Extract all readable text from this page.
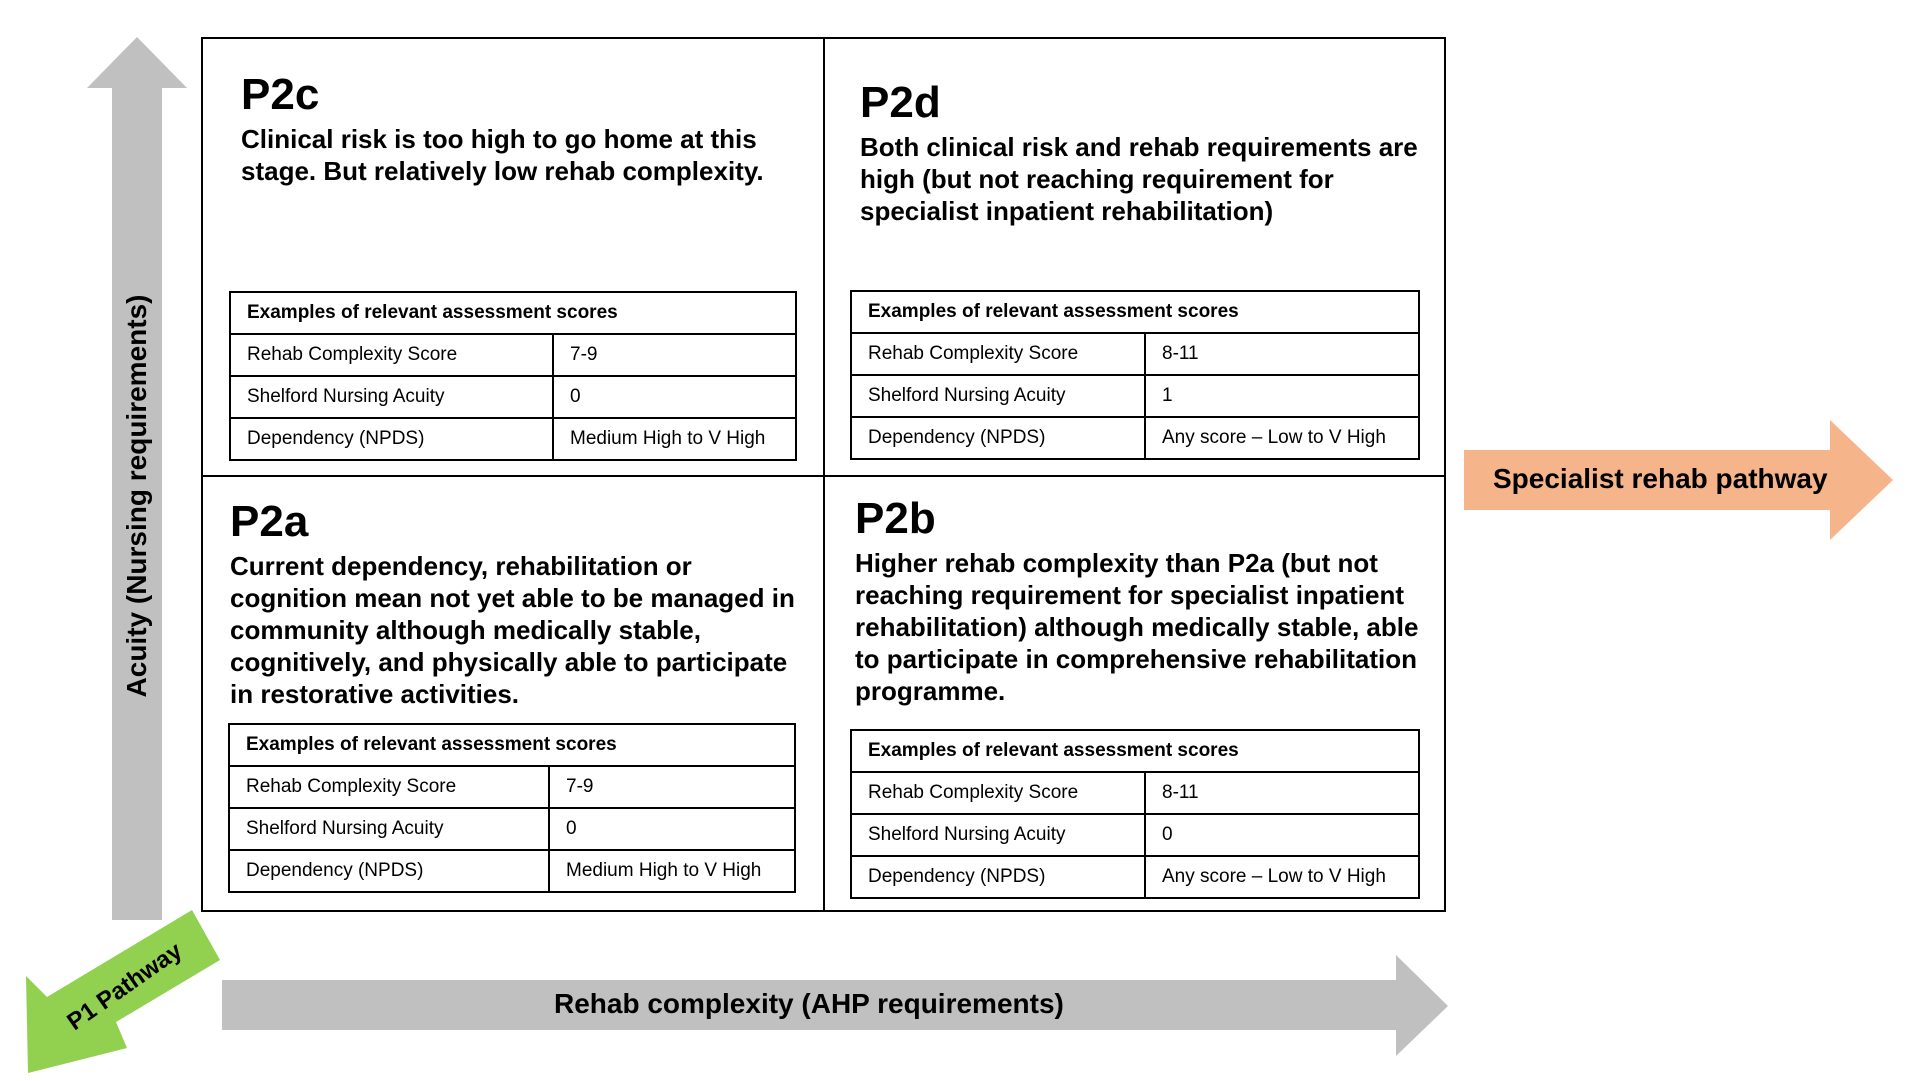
Acuity (Nursing requirements)
Rehab complexity (AHP requirements)
Specialist rehab pathway
P1 Pathway
P2c
Clinical risk is too high to go home at this stage. But relatively low rehab complexity.
Examples of relevant assessment scores	
Rehab Complexity Score	7-9
Shelford Nursing Acuity	0
Dependency (NPDS)	Medium High to V High
P2d
Both clinical risk and rehab requirements are high (but not reaching requirement for specialist inpatient rehabilitation)
Examples of relevant assessment scores	
Rehab Complexity Score	8-11
Shelford Nursing Acuity	1
Dependency (NPDS)	Any score – Low to V High
P2a
Current dependency, rehabilitation or cognition mean not yet able to be managed in community although medically stable, cognitively, and physically able to participate in restorative activities.
Examples of relevant assessment scores	
Rehab Complexity Score	7-9
Shelford Nursing Acuity	0
Dependency (NPDS)	Medium High to V High
P2b
Higher rehab complexity than P2a (but not reaching requirement for specialist inpatient rehabilitation) although medically stable, able to participate in comprehensive rehabilitation programme.
Examples of relevant assessment scores	
Rehab Complexity Score	8-11
Shelford Nursing Acuity	0
Dependency (NPDS)	Any score – Low to V High
